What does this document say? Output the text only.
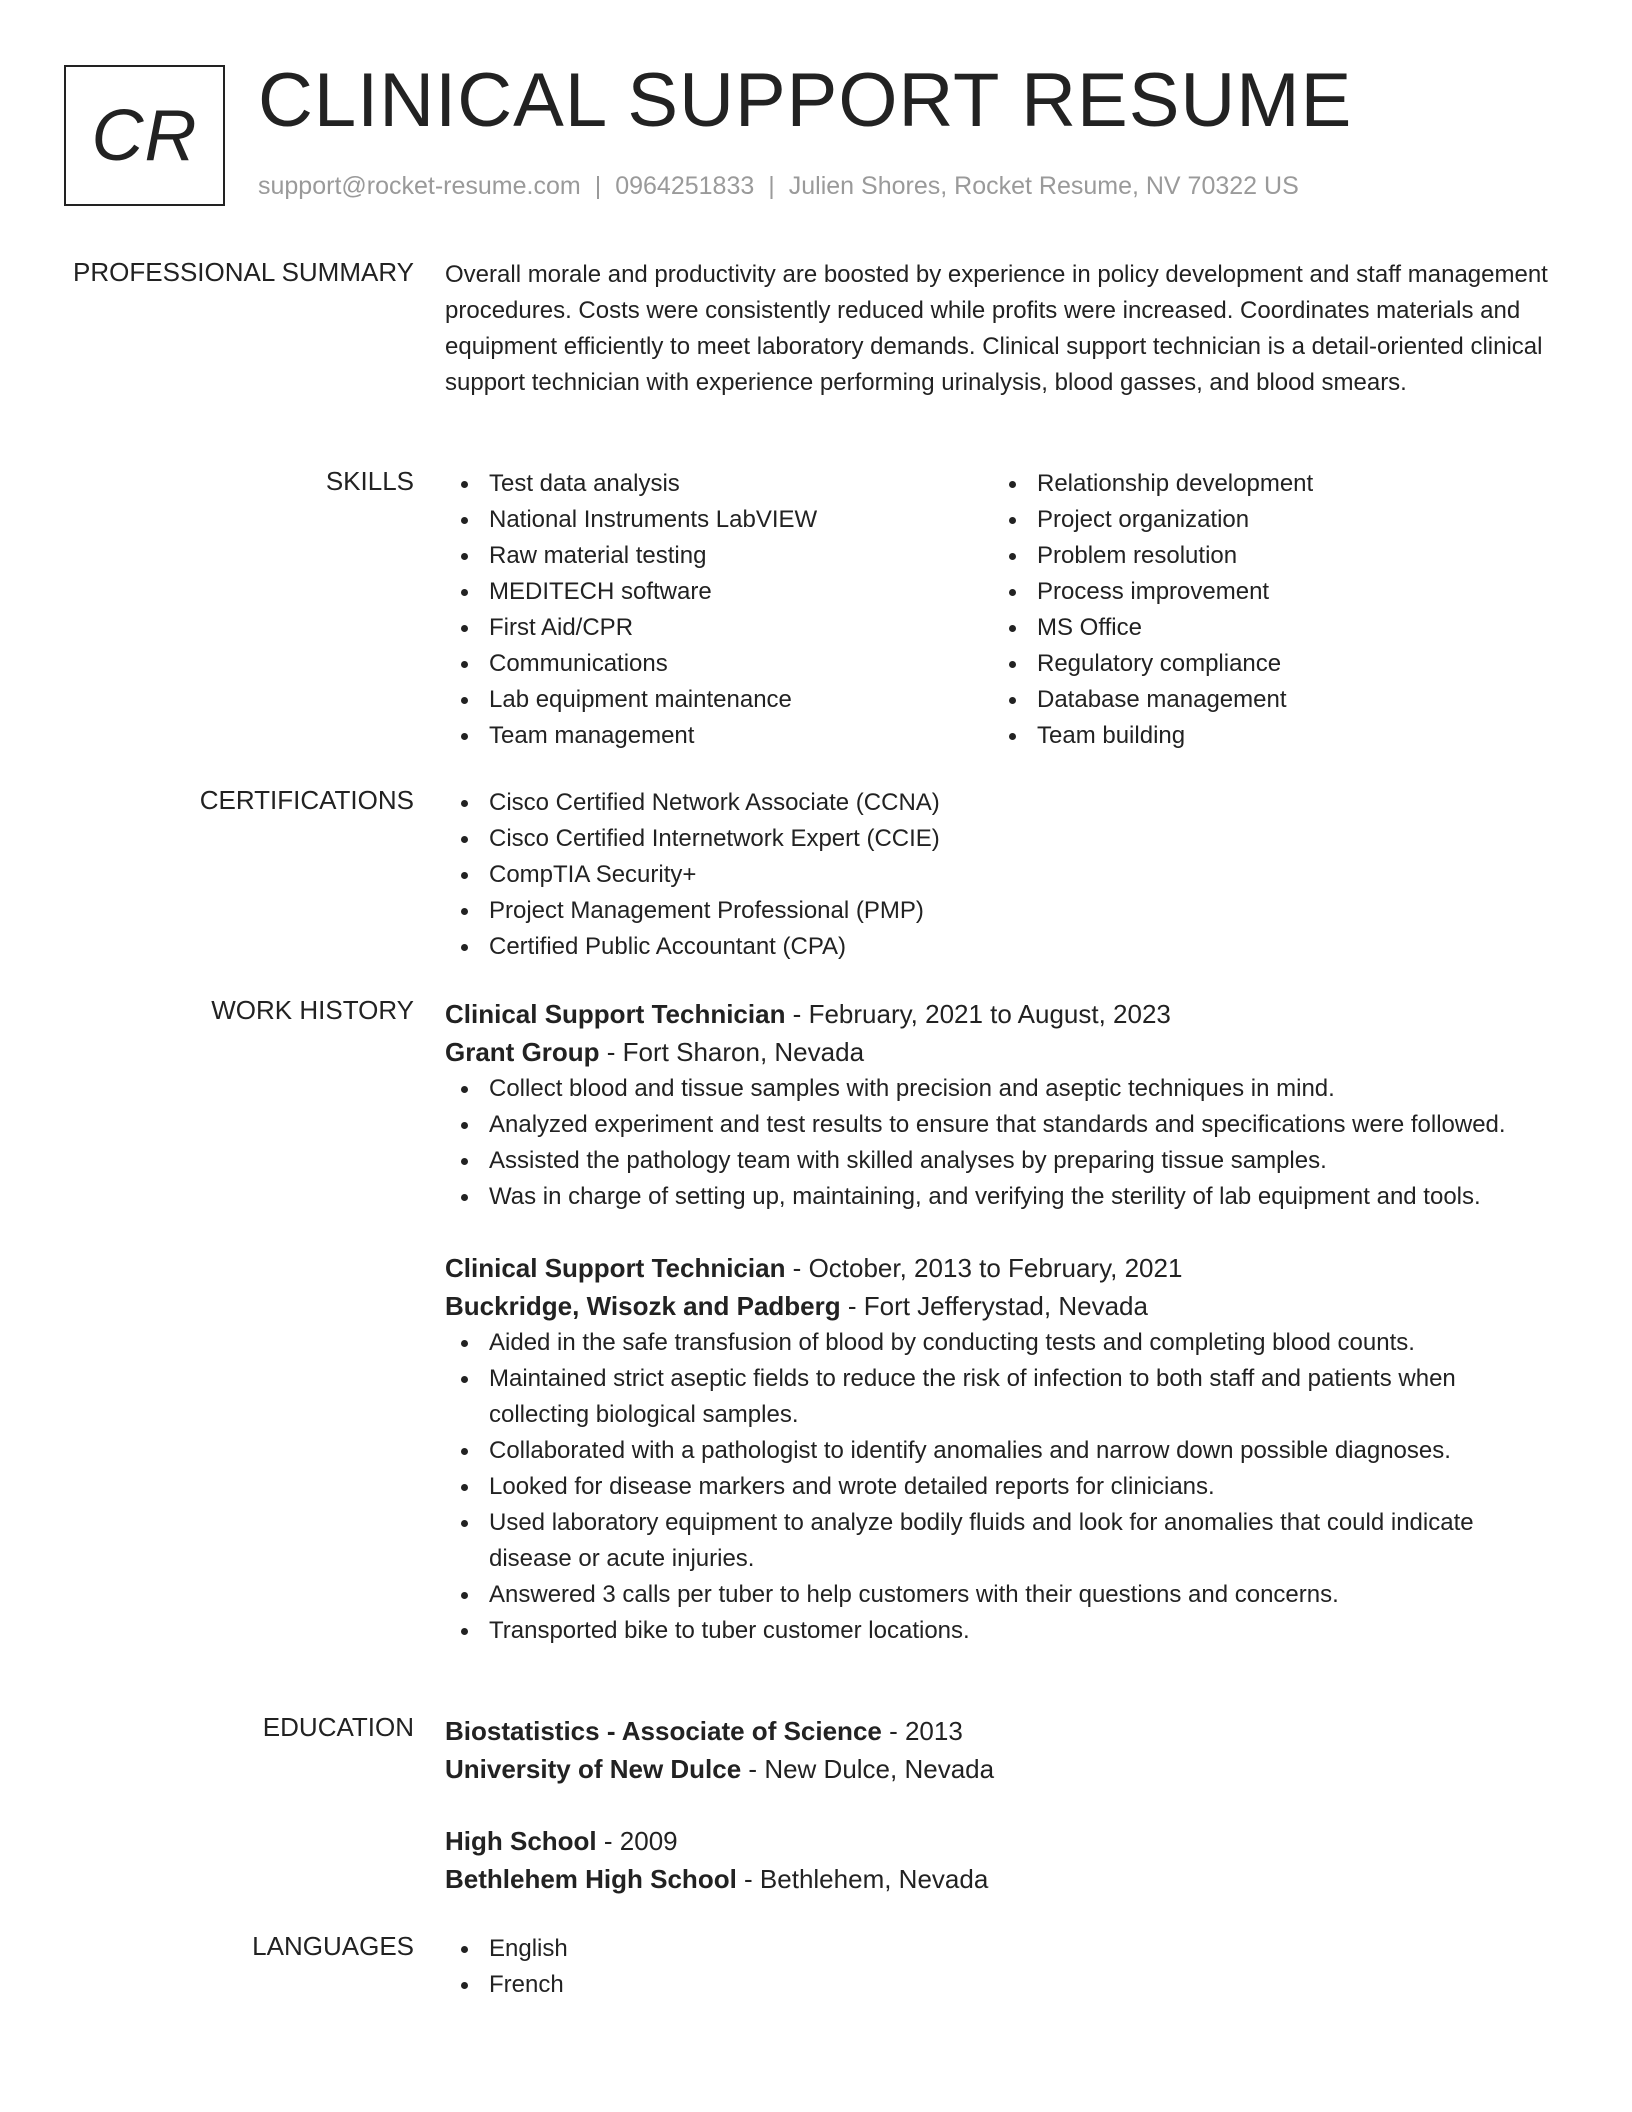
CR CLINICAL SUPPORT RESUME
support@rocket-resume.com | 0964251833 | Julien Shores, Rocket Resume, NV 70322 US
PROFESSIONAL SUMMARY Overall morale and productivity are boosted by experience in policy development and staff management procedures. Costs were consistently reduced while profits were increased. Coordinates materials and equipment efficiently to meet laboratory demands. Clinical support technician is a detail-oriented clinical support technician with experience performing urinalysis, blood gasses, and blood smears.

SKILLS	Test data analysis
National Instruments LabVIEW
Raw material testing
MEDITECH software
First Aid/CPR
Communications
Lab equipment maintenance
Team management
Relationship development
Project organization
Problem resolution
Process improvement
MS Office
Regulatory compliance
Database management
Team building
CERTIFICATIONS	Cisco Certified Network Associate (CCNA)
Cisco Certified Internetwork Expert (CCIE)
CompTIA Security+
Project Management Professional (PMP)
Certified Public Accountant (CPA)
WORK HISTORY Clinical Support Technician - February, 2021 to August, 2023
Grant Group - Fort Sharon, Nevada
Collect blood and tissue samples with precision and aseptic techniques in mind.
Analyzed experiment and test results to ensure that standards and specifications were followed.
Assisted the pathology team with skilled analyses by preparing tissue samples.
Was in charge of setting up, maintaining, and verifying the sterility of lab equipment and tools.
Clinical Support Technician - October, 2013 to February, 2021
Buckridge, Wisozk and Padberg - Fort Jefferystad, Nevada
Aided in the safe transfusion of blood by conducting tests and completing blood counts.
Maintained strict aseptic fields to reduce the risk of infection to both staff and patients when collecting biological samples.
Collaborated with a pathologist to identify anomalies and narrow down possible diagnoses.
Looked for disease markers and wrote detailed reports for clinicians.
Used laboratory equipment to analyze bodily fluids and look for anomalies that could indicate disease or acute injuries.
Answered 3 calls per tuber to help customers with their questions and concerns.
Transported bike to tuber customer locations.
EDUCATION Biostatistics - Associate of Science - 2013
University of New Dulce - New Dulce, Nevada
High School - 2009
Bethlehem High School - Bethlehem, Nevada
LANGUAGES	English
French
